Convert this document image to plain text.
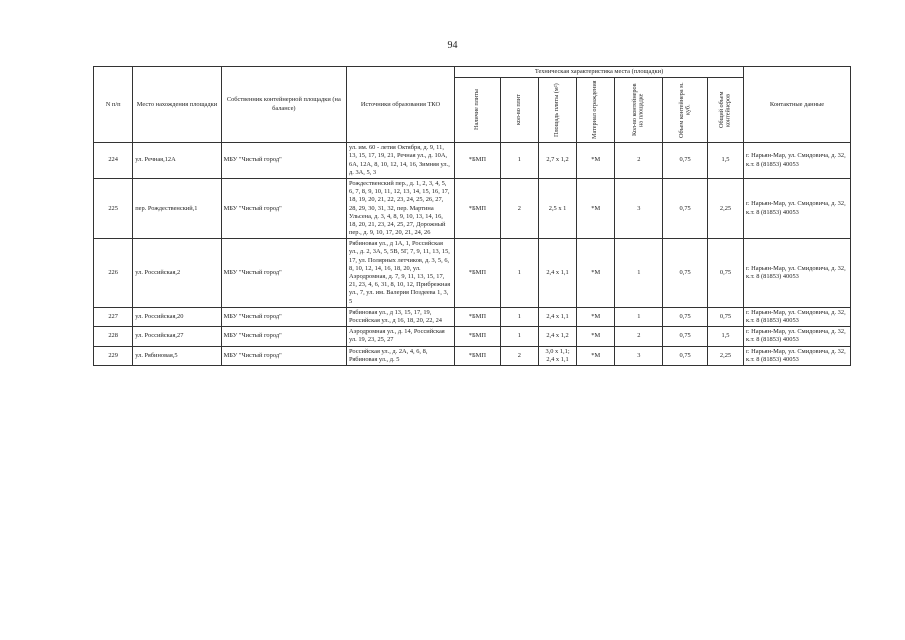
94
N п/п	Место нахождения площадки	Собственник контейнерной площадки (на балансе)	Источники образования ТКО	Техническая характеристика места (площадки)							Контактные данные

				Наличие плиты	кол-во плит	Площадь плиты (м²)	Материал ограждения	Кол-во контейнеров на площадке	Объем контейнера м. куб.	Общий объем контейнеров	

224	ул. Речная,12А	МБУ "Чистый город"	ул. им. 60 - летия Октября, д. 9, 11, 13, 15, 17, 19, 21, Речная ул., д. 10А, 6А, 12А, 8, 10, 12, 14, 16, Зимняя ул., д. 3А, 5, 3	*БМП	1	2,7 х 1,2	*М	2	0,75	1,5	г. Нарьян-Мар, ул. Смидовича, д. 32, к.т. 8 (81853) 40053
225	пер. Рождественский,1	МБУ "Чистый город"	Рождественский пер., д. 1, 2, 3, 4, 5, 6, 7, 8, 9, 10, 11, 12, 13, 14, 15, 16, 17, 18, 19, 20, 21, 22, 23, 24, 25, 26, 27, 28, 29, 30, 31, 32, пер. Мартина Ульсена, д. 3, 4, 8, 9, 10, 13, 14, 16, 18, 20, 21, 23, 24, 25, 27, Дорожный пер., д. 9, 10, 17, 20, 21, 24, 26	*БМП	2	2,5 х 1	*М	3	0,75	2,25	г. Нарьян-Мар, ул. Смидовича, д. 32, к.т. 8 (81853) 40053
226	ул. Российская,2	МБУ "Чистый город"	Рябиновая ул., д 1А, 1, Российская ул., д. 2, 3А, 5, 5В, 5Г, 7, 9, 11, 13, 15, 17, ул. Полярных летчиков, д. 3, 5, 6, 8, 10, 12, 14, 16, 18, 20, ул. Аэродромная, д. 7, 9, 11, 13, 15, 17, 21, 23, 4, 6, 31, 8, 10, 12, Прибрежная ул., 7, ул. им. Валерия Поздеева 1, 3, 5	*БМП	1	2,4 х 1,1	*М	1	0,75	0,75	г. Нарьян-Мар, ул. Смидовича, д. 32, к.т. 8 (81853) 40053
227	ул. Российская,20	МБУ "Чистый город"	Рябиновая ул., д 13, 15, 17, 19, Российская ул., д 16, 18, 20, 22, 24	*БМП	1	2,4 х 1,1	*М	1	0,75	0,75	г. Нарьян-Мар, ул. Смидовича, д. 32, к.т. 8 (81853) 40053
228	ул. Российская,27	МБУ "Чистый город"	Аэродромная ул., д. 14, Российская ул. 19, 23, 25, 27	*БМП	1	2,4 х 1,2	*М	2	0,75	1,5	г. Нарьян-Мар, ул. Смидовича, д. 32, к.т. 8 (81853) 40053
229	ул. Рябиновая,5	МБУ "Чистый город"	Российская ул., д. 2А, 4, 6, 8, Рябиновая ул., д. 5	*БМП	2	3,0 х 1,1; 2,4 х 1,1	*М	3	0,75	2,25	г. Нарьян-Мар, ул. Смидовича, д. 32, к.т. 8 (81853) 40053
